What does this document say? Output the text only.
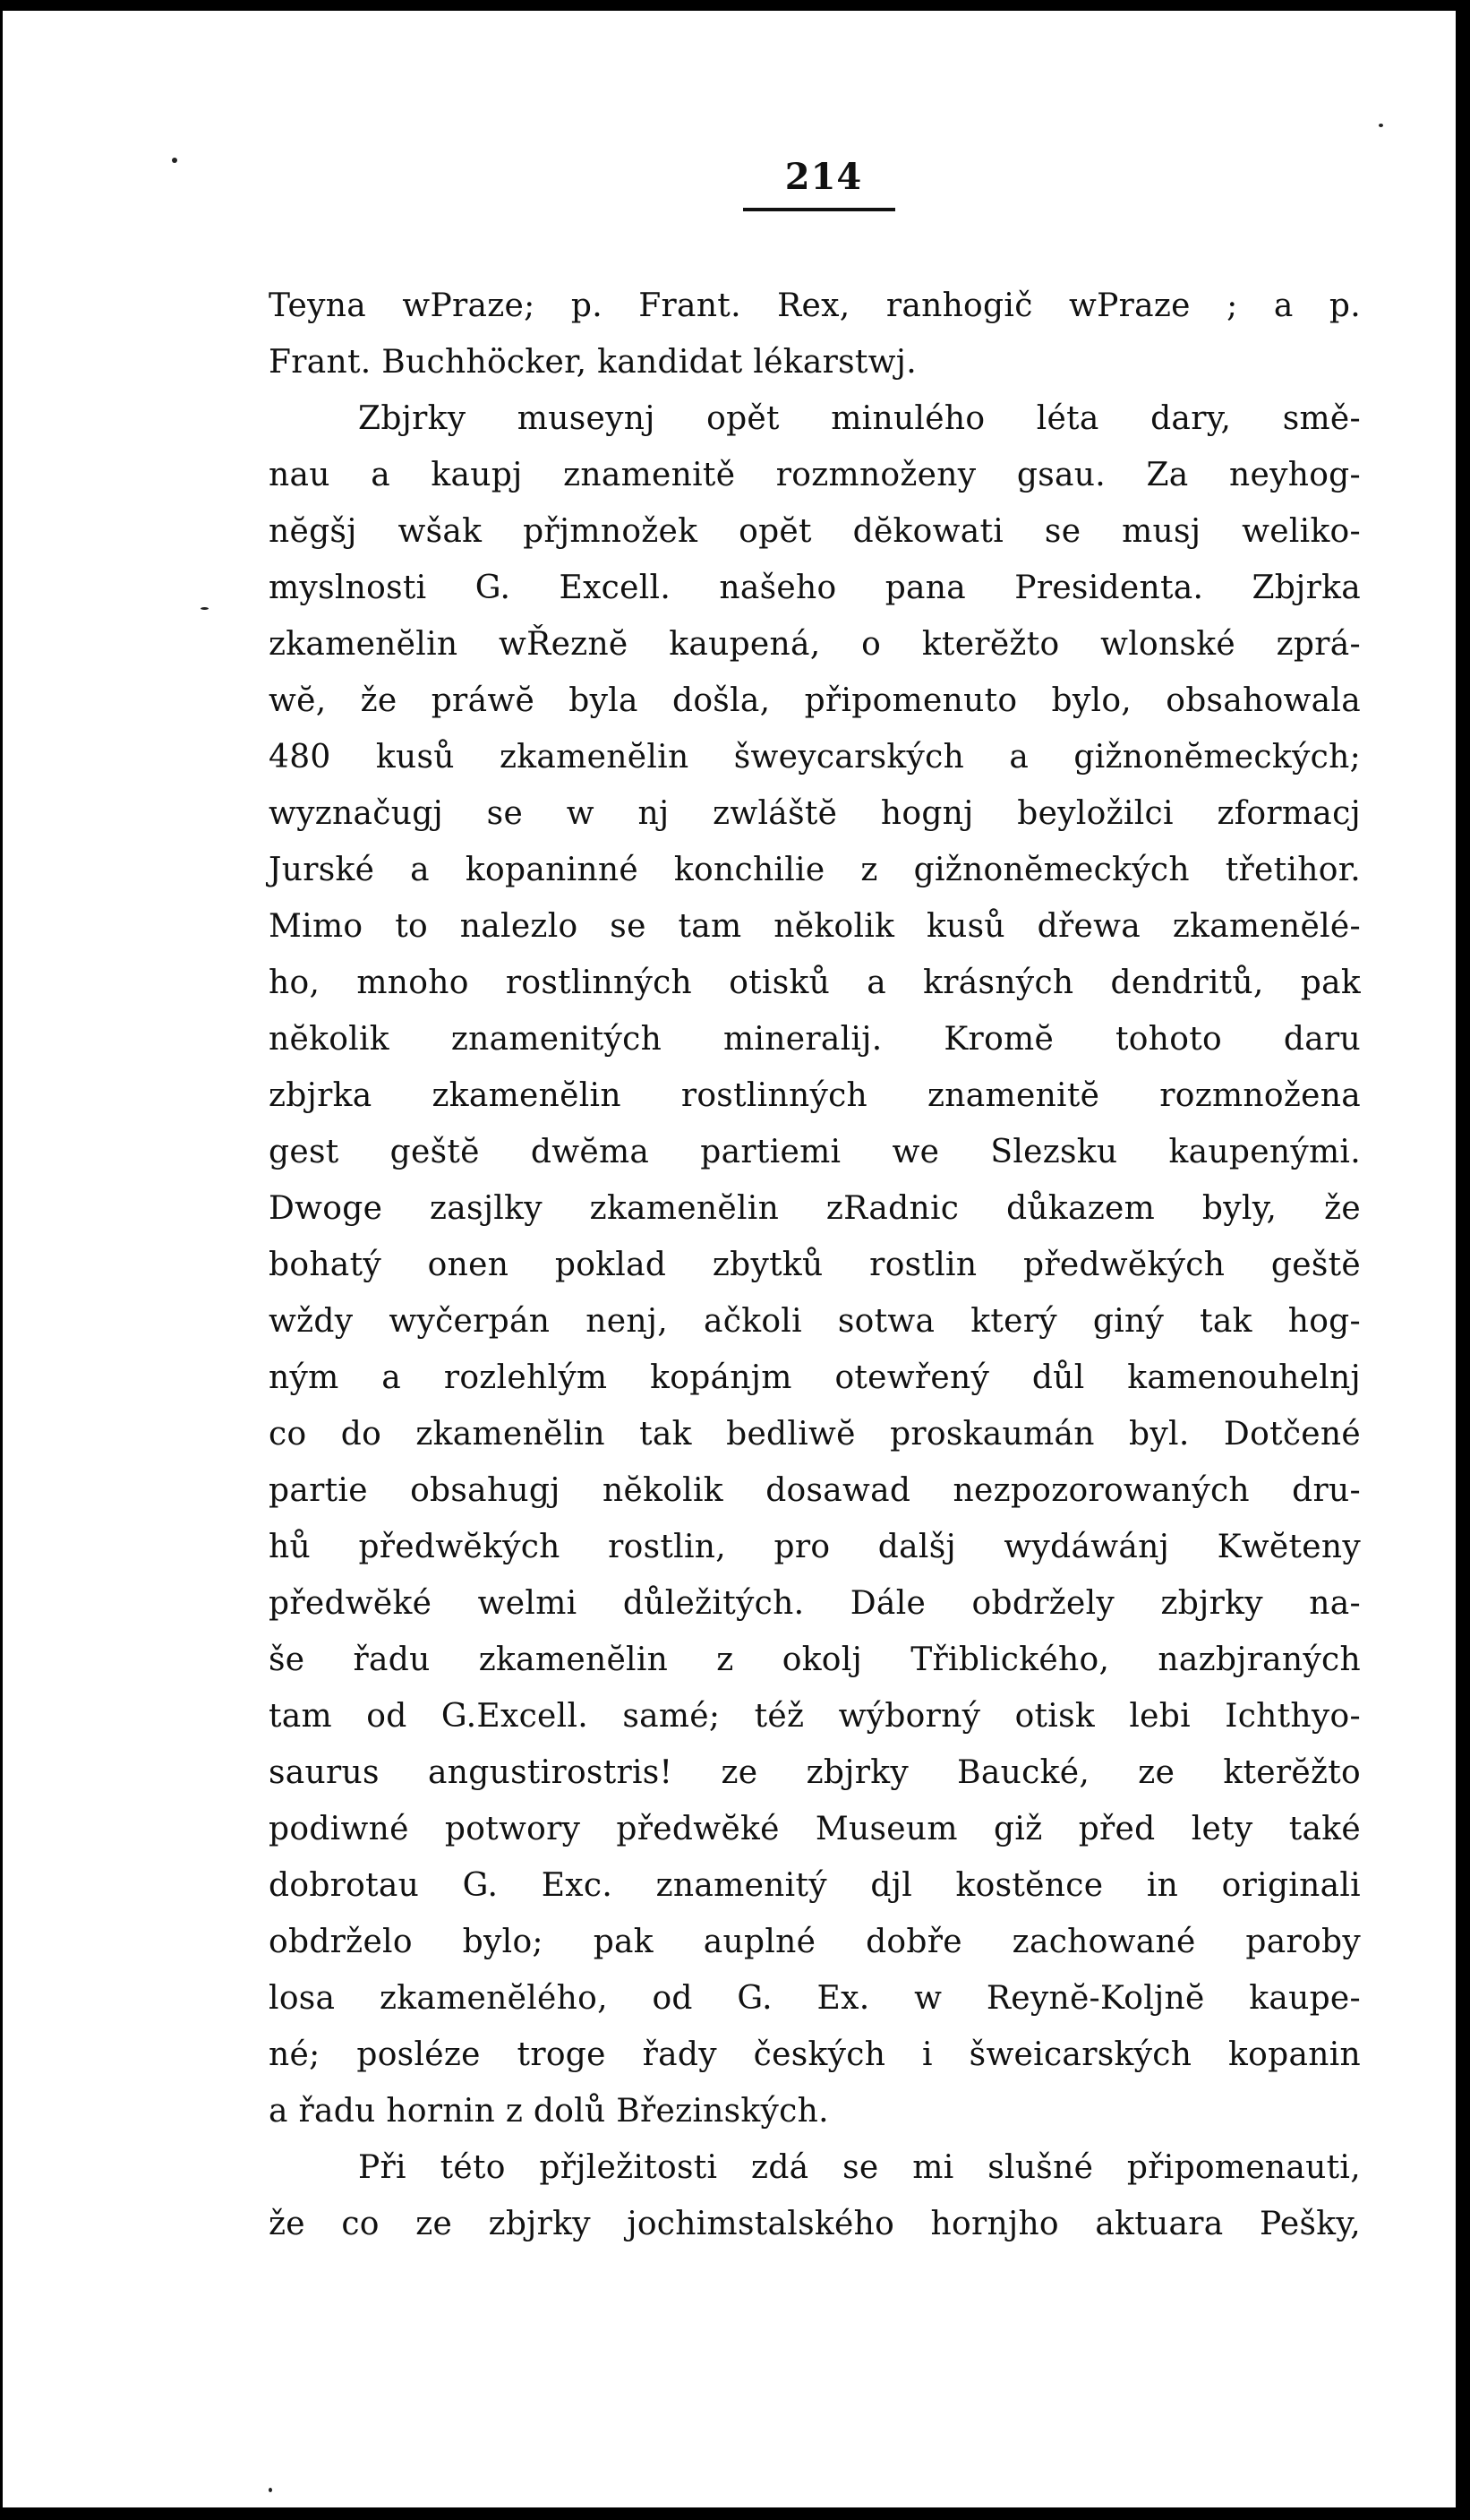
214
Teyna wPraze; p. Frant. Rex, ranhogič wPraze ; a p.
Frant. Buchhöcker, kandidat lékarstwj.
Zbjrky museynj opět minulého léta dary, smě-
nau a kaupj znamenitě rozmnoženy gsau. Za neyhog-
nĕgšj wšak přjmnožek opĕt dĕkowati se musj weliko-
myslnosti G. Excell. našeho pana Presidenta. Zbjrka
zkamenĕlin wŘeznĕ kaupená, o kterĕžto wlonské zprá-
wĕ, že práwĕ byla došla, připomenuto bylo, obsahowala
480 kusů zkamenĕlin šweycarských a gižnonĕmeckých;
wyznačugj se w nj zwláštĕ hognj beyložilci zformacj
Jurské a kopaninné konchilie z gižnonĕmeckých třetihor.
Mimo to nalezlo se tam nĕkolik kusů dřewa zkamenĕlé-
ho, mnoho rostlinných otisků a krásných dendritů, pak
nĕkolik znamenitých mineralij. Kromĕ tohoto daru
zbjrka zkamenĕlin rostlinných znamenitĕ rozmnožena
gest geštĕ dwĕma partiemi we Slezsku kaupenými.
Dwoge zasjlky zkamenĕlin zRadnic důkazem byly, že
bohatý onen poklad zbytků rostlin předwĕkých geštĕ
wždy wyčerpán nenj, ačkoli sotwa který giný tak hog-
ným a rozlehlým kopánjm otewřený důl kamenouhelnj
co do zkamenĕlin tak bedliwĕ proskaumán byl. Dotčené
partie obsahugj nĕkolik dosawad nezpozorowaných dru-
hů předwĕkých rostlin, pro dalšj wydáwánj Kwĕteny
předwĕké welmi důležitých. Dále obdržely zbjrky na-
še řadu zkamenĕlin z okolj Třiblického, nazbjraných
tam od G.Excell. samé; též wýborný otisk lebi Ichthyo-
saurus angustirostris! ze zbjrky Baucké, ze kterĕžto
podiwné potwory předwĕké Museum giž před lety také
dobrotau G. Exc. znamenitý djl kostĕnce in originali
obdrželo bylo; pak auplné dobře zachowané paroby
losa zkamenĕlého, od G. Ex. w Reynĕ-Koljnĕ kaupe-
né; posléze troge řady českých i šweicarských kopanin
a řadu hornin z dolů Březinských.
Při této přjležitosti zdá se mi slušné připomenauti,
že co ze zbjrky jochimstalského hornjho aktuara Pešky,
